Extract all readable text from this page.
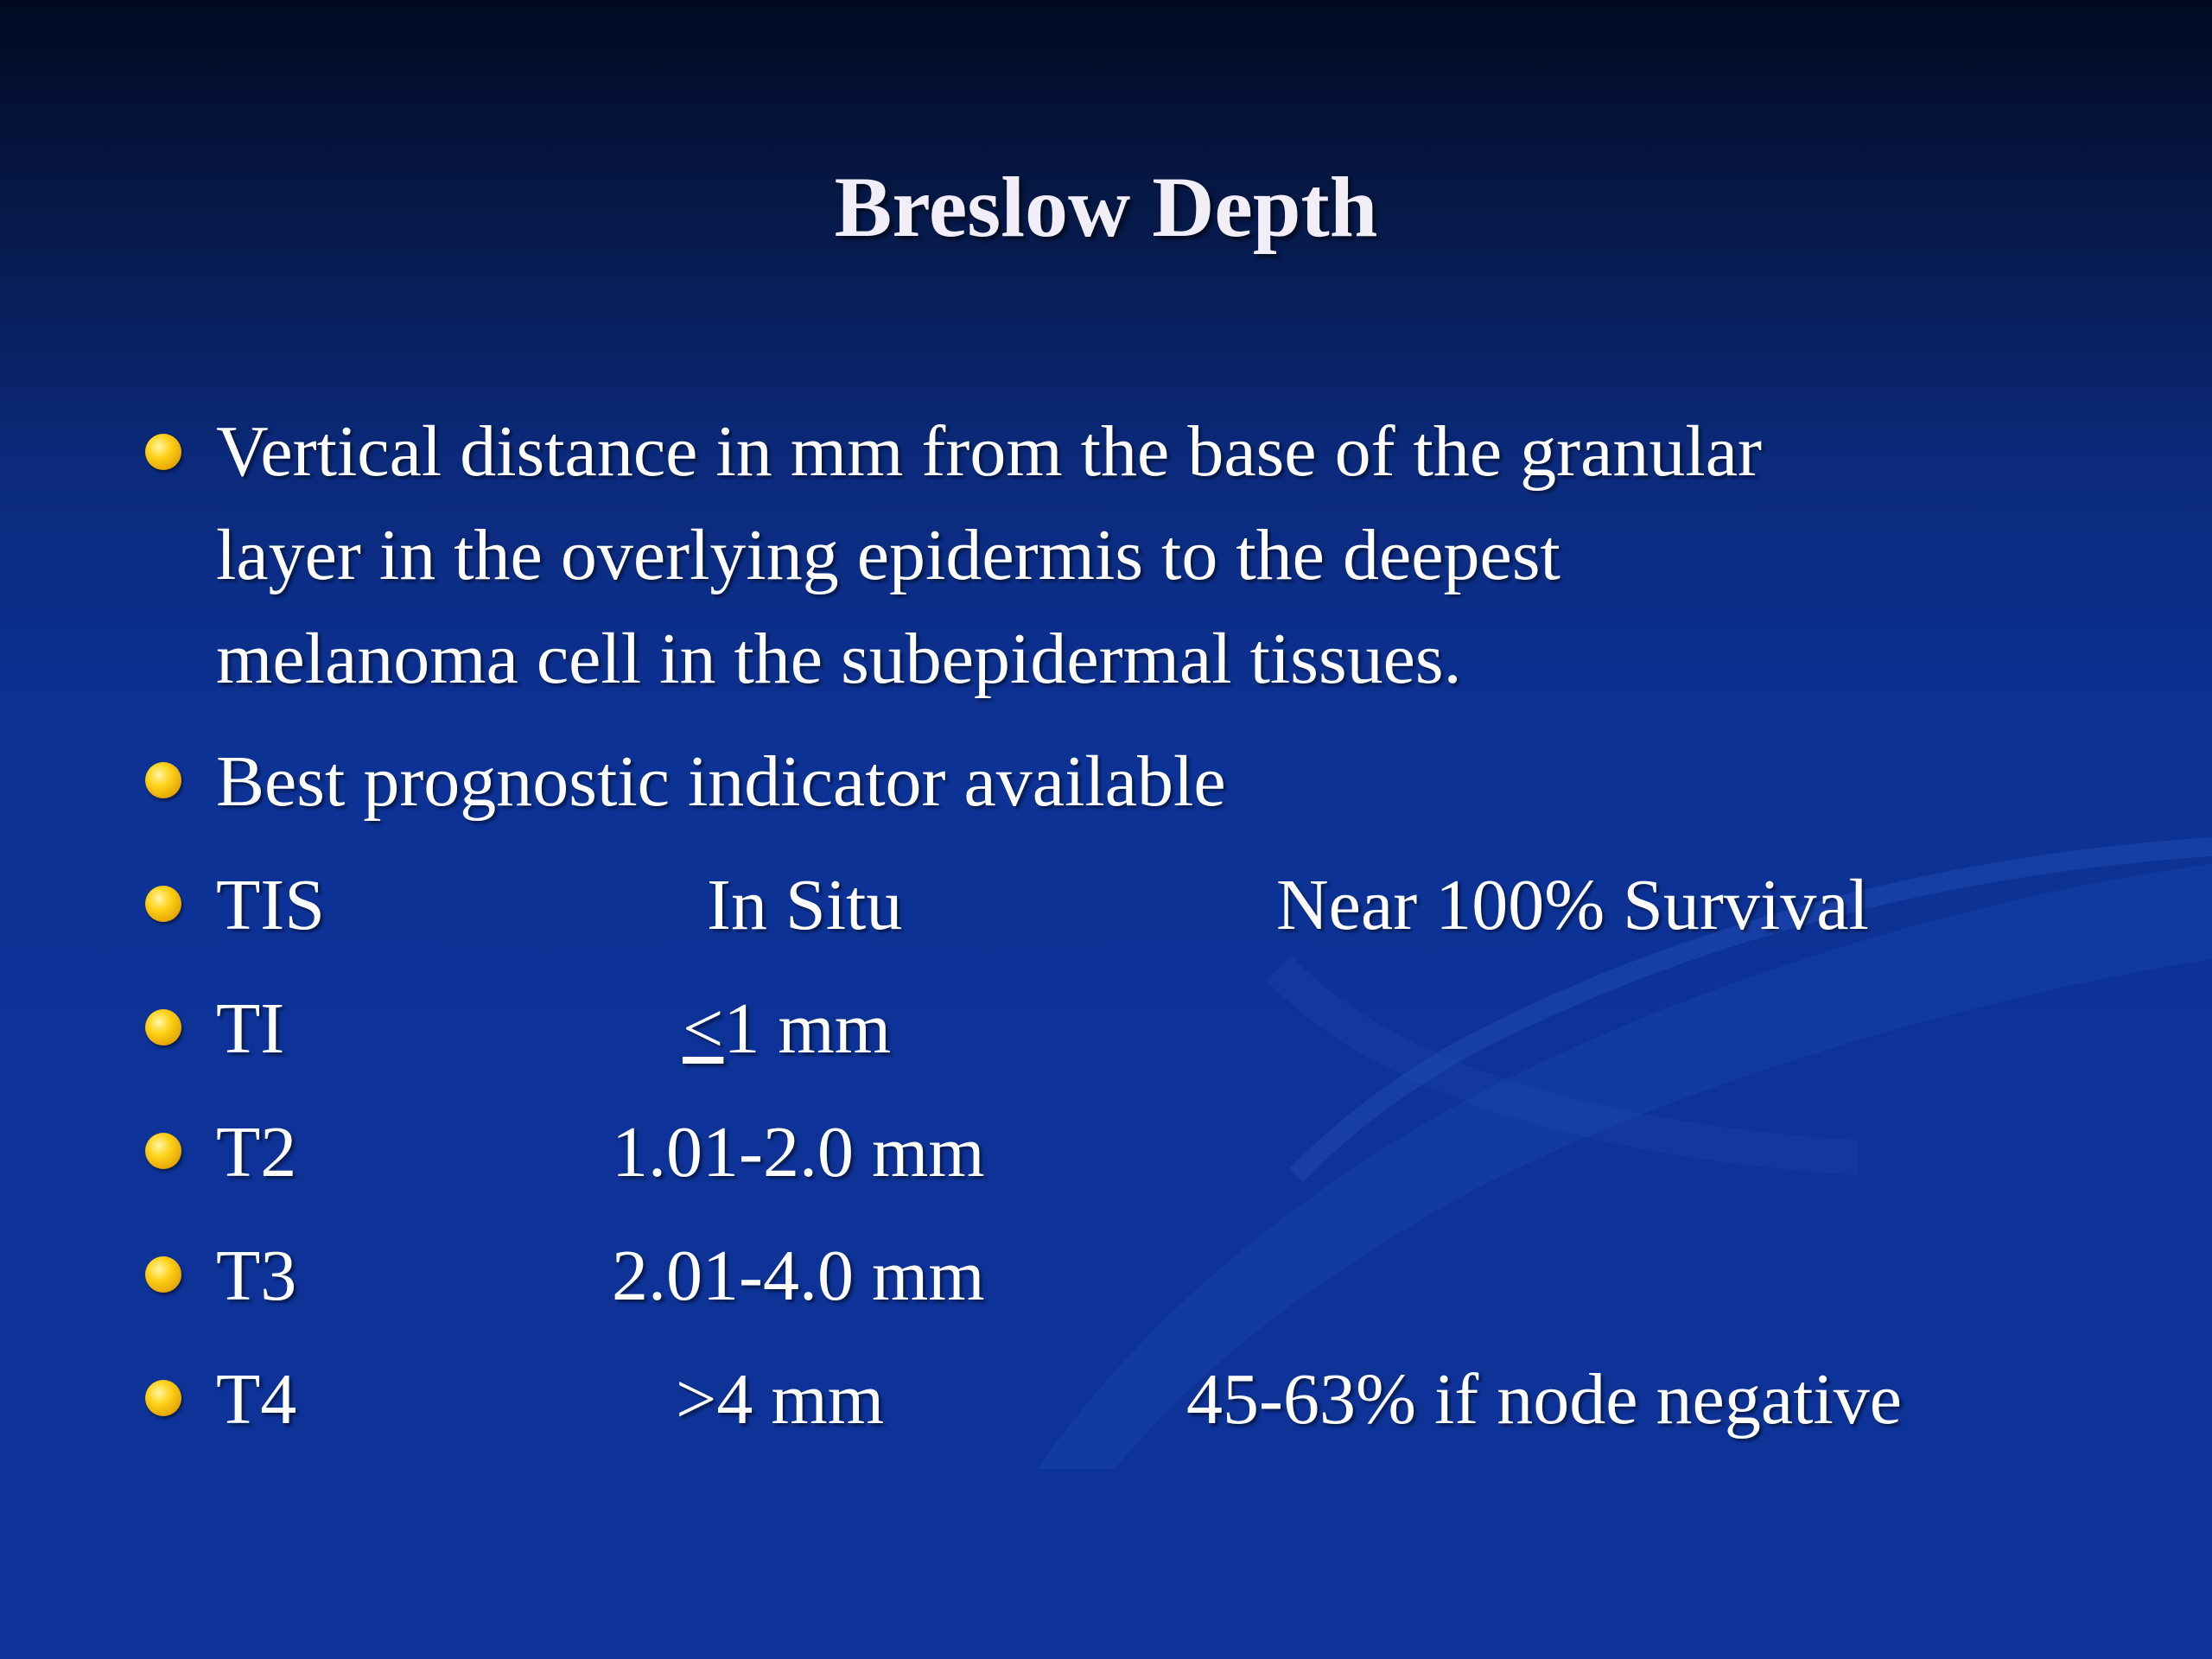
Breslow Depth
Vertical distance in mm from the base of the granular
layer in the overlying epidermis to the deepest
melanoma cell in the subepidermal tissues.
Best prognostic indicator available
TIS	In Situ	Near 100% Survival
TI	≤1 mm
T2	1.01-2.0 mm
T3	2.01-4.0 mm
T4	>4 mm	45-63% if node negative
